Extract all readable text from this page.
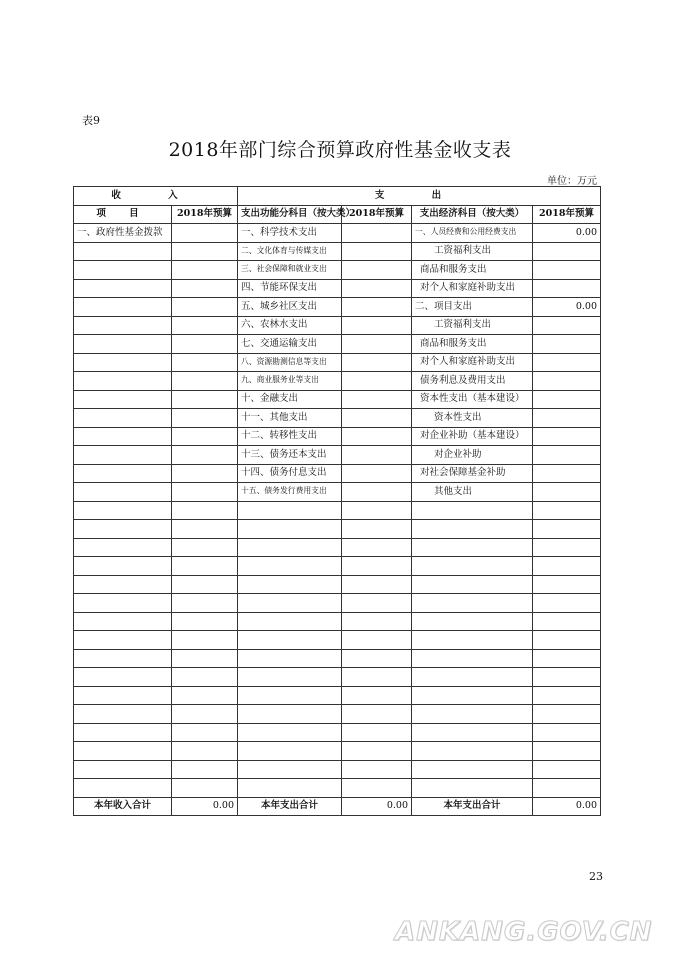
表9
2018年部门综合预算政府性基金收支表
单位：万元
收 入		支 出			
项 目	2018年预算	支出功能分科目（按大类）	2018年预算	支出经济科目（按大类）	2018年预算
一、政府性基金拨款		一、科学技术支出		一、人员经费和公用经费支出	0.00
		二、文化体育与传媒支出		工资福利支出	
		三、社会保障和就业支出		商品和服务支出	
		四、节能环保支出		对个人和家庭补助支出	
		五、城乡社区支出		二、项目支出	0.00
		六、农林水支出		工资福利支出	
		七、交通运输支出		商品和服务支出	
		八、资源勘测信息等支出		对个人和家庭补助支出	
		九、商业服务业等支出		债务利息及费用支出	
		十、金融支出		资本性支出（基本建设）	
		十一、其他支出		资本性支出	
		十二、转移性支出		对企业补助（基本建设）	
		十三、债务还本支出		对企业补助	
		十四、债务付息支出		对社会保障基金补助	
		十五、债务发行费用支出		其他支出	

本年收入合计	0.00	本年支出合计	0.00	本年支出合计	0.00
23
ANKANG.GOV.CN
